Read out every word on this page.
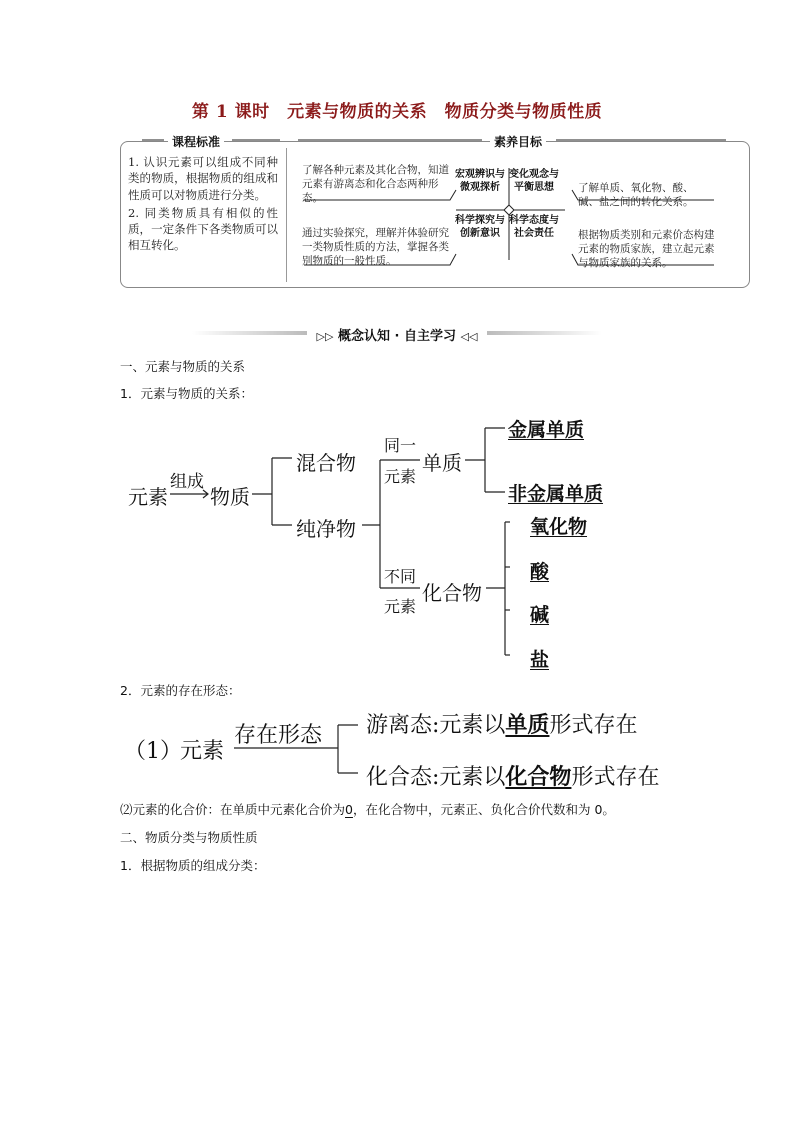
第 1 课时　元素与物质的关系　物质分类与物质性质
课程标准	素养目标
1. 认识元素可以组成不同种类的物质，根据物质的组成和性质可以对物质进行分类。
2. 同类物质具有相似的性质，一定条件下各类物质可以相互转化。
了解各种元素及其化合物，知道元素有游离态和化合态两种形态。
通过实验探究，理解并体验研究一类物质性质的方法，掌握各类别物质的一般性质。
了解单质、氧化物、酸、碱、盐之间的转化关系。
根据物质类别和元素价态构建元素的物质家族，建立起元素与物质家族的关系。
宏观辨识与微观探析
变化观念与平衡思想
科学探究与创新意识
科学态度与社会责任
▷▷ 概念认知 · 自主学习 ◁◁
一、元素与物质的关系
1．元素与物质的关系：
元素
组成
物质
混合物
纯净物
同一
元素
不同
元素
单质
化合物
金属单质
非金属单质
氧化物
酸
碱
盐
2．元素的存在形态：
（1）
元素
存在形态 游离态:元素以单质形式存在
化合态:元素以化合物形式存在
⑵元素的化合价：在单质中元素化合价为0，在化合物中，元素正、负化合价代数和为 0。
二、物质分类与物质性质
1．根据物质的组成分类：
